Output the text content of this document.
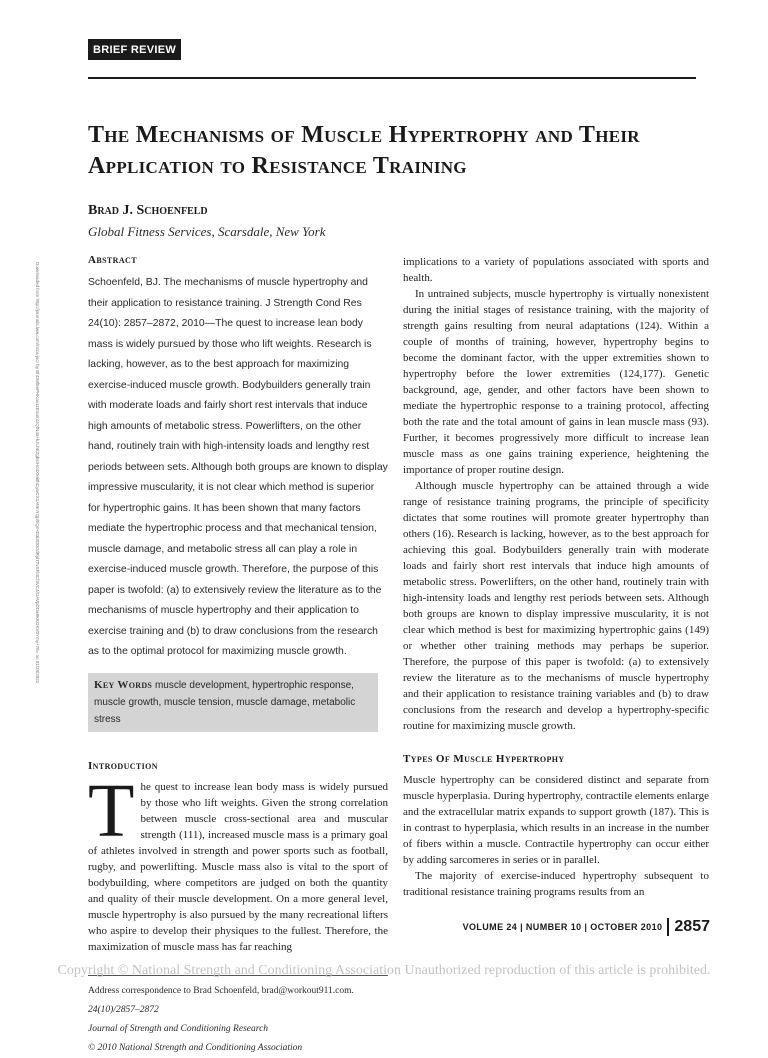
BRIEF REVIEW
The Mechanisms of Muscle Hypertrophy and Their Application to Resistance Training

Brad J. Schoenfeld

Global Fitness Services, Scarsdale, New York

Downloaded from http://journals.lww.com/nsca-jscr by BhDMf5ePHKav1zEoum1tQfN4a+kJLhEZgbsIHo4XMi0hCywCX1AWnYQp/IlQrHD3i3D0OdRyi7TvSFl4Cf3VC4/OAVpDDa8KKGKV0Ymy+78= on 01/29/2022
Abstract

Schoenfeld, BJ. The mechanisms of muscle hypertrophy and their application to resistance training. J Strength Cond Res 24(10): 2857–2872, 2010—The quest to increase lean body mass is widely pursued by those who lift weights. Research is lacking, however, as to the best approach for maximizing exercise-induced muscle growth. Bodybuilders generally train with moderate loads and fairly short rest intervals that induce high amounts of metabolic stress. Powerlifters, on the other hand, routinely train with high-intensity loads and lengthy rest periods between sets. Although both groups are known to display impressive muscularity, it is not clear which method is superior for hypertrophic gains. It has been shown that many factors mediate the hypertrophic process and that mechanical tension, muscle damage, and metabolic stress all can play a role in exercise-induced muscle growth. Therefore, the purpose of this paper is twofold: (a) to extensively review the literature as to the mechanisms of muscle hypertrophy and their application to exercise training and (b) to draw conclusions from the research as to the optimal protocol for maximizing muscle growth.

Key Words muscle development, hypertrophic response, muscle growth, muscle tension, muscle damage, metabolic stress
Introduction

The quest to increase lean body mass is widely pursued by those who lift weights. Given the strong correlation between muscle cross-sectional area and muscular strength (111), increased muscle mass is a primary goal of athletes involved in strength and power sports such as football, rugby, and powerlifting. Muscle mass also is vital to the sport of bodybuilding, where competitors are judged on both the quantity and quality of their muscle development. On a more general level, muscle hypertrophy is also pursued by the many recreational lifters who aspire to develop their physiques to the fullest. Therefore, the maximization of muscle mass has far reaching

Address correspondence to Brad Schoenfeld, brad@workout911.com.
24(10)/2857–2872
Journal of Strength and Conditioning Research
© 2010 National Strength and Conditioning Association

implications to a variety of populations associated with sports and health.

In untrained subjects, muscle hypertrophy is virtually nonexistent during the initial stages of resistance training, with the majority of strength gains resulting from neural adaptations (124). Within a couple of months of training, however, hypertrophy begins to become the dominant factor, with the upper extremities shown to hypertrophy before the lower extremities (124,177). Genetic background, age, gender, and other factors have been shown to mediate the hypertrophic response to a training protocol, affecting both the rate and the total amount of gains in lean muscle mass (93). Further, it becomes progressively more difficult to increase lean muscle mass as one gains training experience, heightening the importance of proper routine design.

Although muscle hypertrophy can be attained through a wide range of resistance training programs, the principle of specificity dictates that some routines will promote greater hypertrophy than others (16). Research is lacking, however, as to the best approach for achieving this goal. Bodybuilders generally train with moderate loads and fairly short rest intervals that induce high amounts of metabolic stress. Powerlifters, on the other hand, routinely train with high-intensity loads and lengthy rest periods between sets. Although both groups are known to display impressive muscularity, it is not clear which method is best for maximizing hypertrophic gains (149) or whether other training methods may perhaps be superior. Therefore, the purpose of this paper is twofold: (a) to extensively review the literature as to the mechanisms of muscle hypertrophy and their application to resistance training variables and (b) to draw conclusions from the research and develop a hypertrophy-specific routine for maximizing muscle growth.

Types Of Muscle Hypertrophy

Muscle hypertrophy can be considered distinct and separate from muscle hyperplasia. During hypertrophy, contractile elements enlarge and the extracellular matrix expands to support growth (187). This is in contrast to hyperplasia, which results in an increase in the number of fibers within a muscle. Contractile hypertrophy can occur either by adding sarcomeres in series or in parallel.

The majority of exercise-induced hypertrophy subsequent to traditional resistance training programs results from an

VOLUME 24 | NUMBER 10 | OCTOBER 2010 2857
Copyright © National Strength and Conditioning Association Unauthorized reproduction of this article is prohibited.
